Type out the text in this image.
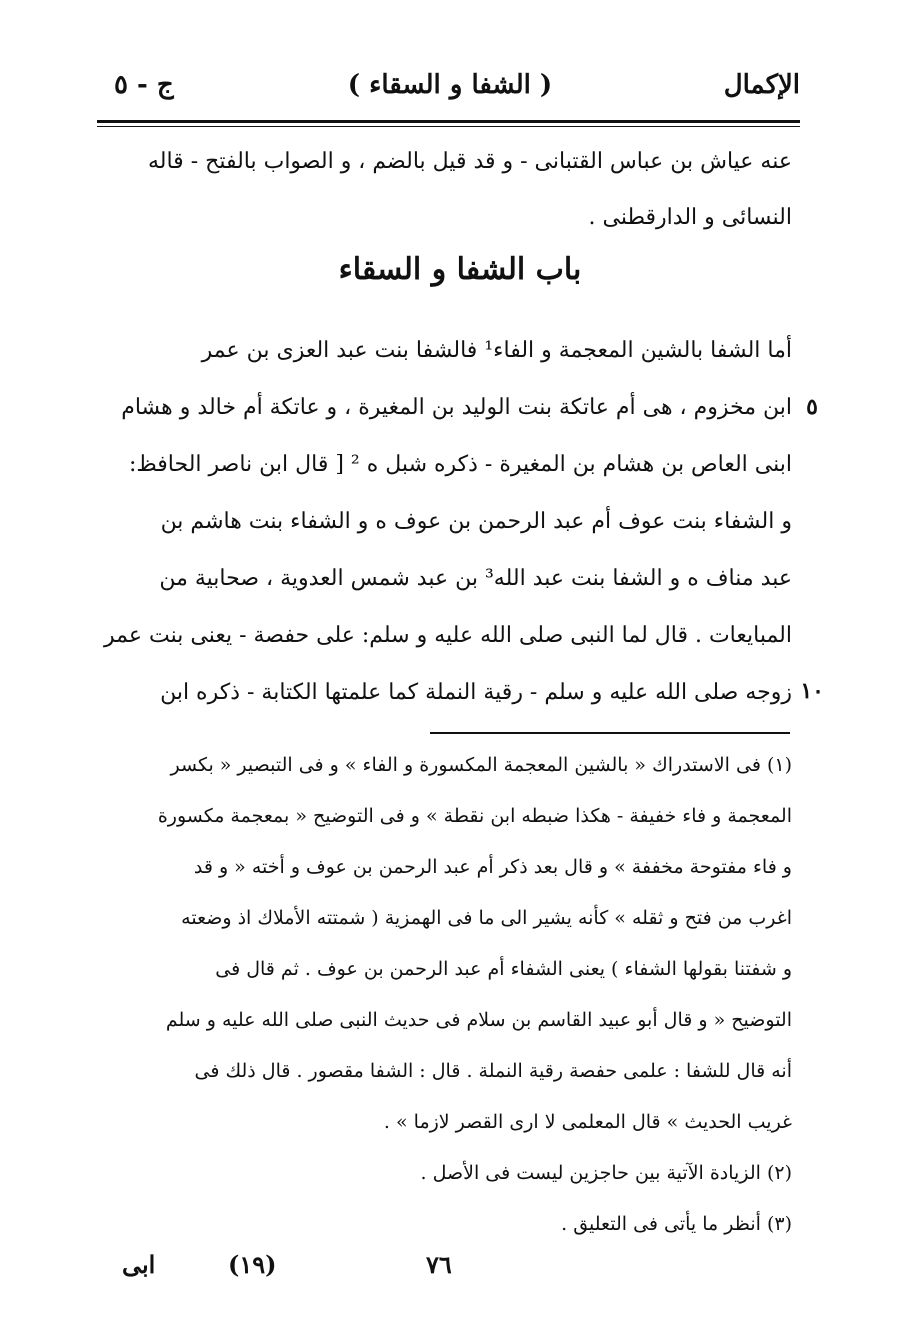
الإكمال
( الشفا و السقاء )
ج - ٥
عنه عياش بن عباس القتبانى - و قد قيل بالضم ، و الصواب بالفتح - قاله
النسائى و الدارقطنى .
باب الشفا و السقاء
أما الشفا بالشين المعجمة و الفاء¹ فالشفا بنت عبد العزى بن عمر
ابن مخزوم ، هى أم عاتكة بنت الوليد بن المغيرة ، و عاتكة أم خالد و هشام
ابنى العاص بن هشام بن المغيرة - ذكره شبل ه ² [ قال ابن ناصر الحافظ:
و الشفاء بنت عوف أم عبد الرحمن بن عوف ه و الشفاء بنت هاشم بن
عبد مناف ه و الشفا بنت عبد الله³ بن عبد شمس العدوية ، صحابية من
المبايعات . قال لما النبى صلى الله عليه و سلم: على حفصة - يعنى بنت عمر
زوجه صلى الله عليه و سلم - رقية النملة كما علمتها الكتابة - ذكره ابن
٥
١٠
(١) فى الاستدراك « بالشين المعجمة المكسورة و الفاء » و فى التبصير « بكسر
المعجمة و فاء خفيفة - هكذا ضبطه ابن نقطة » و فى التوضيح « بمعجمة مكسورة
و فاء مفتوحة مخففة » و قال بعد ذكر أم عبد الرحمن بن عوف و أخته « و قد
اغرب من فتح و ثقله » كأنه يشير الى ما فى الهمزية ( شمتته الأملاك اذ وضعته
و شفتنا بقولها الشفاء ) يعنى الشفاء أم عبد الرحمن بن عوف . ثم قال فى
التوضيح « و قال أبو عبيد القاسم بن سلام فى حديث النبى صلى الله عليه و سلم
أنه قال للشفا : علمى حفصة رقية النملة . قال : الشفا مقصور . قال ذلك فى
غريب الحديث » قال المعلمى لا ارى القصر لازما » .
(٢) الزيادة الآتية بين حاجزين ليست فى الأصل .
(٣) أنظر ما يأتى فى التعليق .
٧٦
(١٩)
ابى
